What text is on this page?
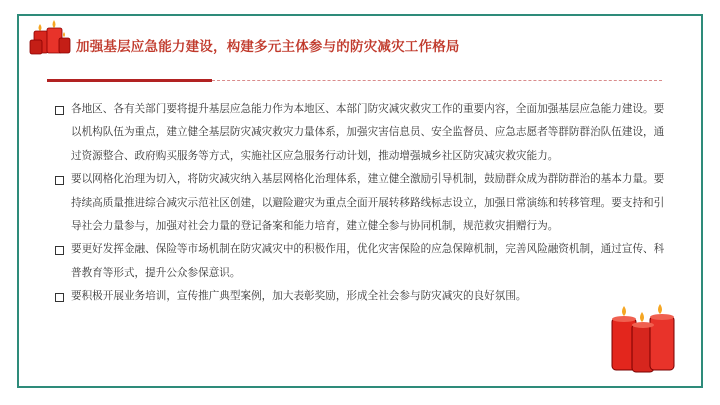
加强基层应急能力建设，构建多元主体参与的防灾减灾工作格局

各地区、各有关部门要将提升基层应急能力作为本地区、本部门防灾减灾救灾工作的重要内容，全面加强基层应急能力建设。要以机构队伍为重点，建立健全基层防灾减灾救灾力量体系，加强灾害信息员、安全监督员、应急志愿者等群防群治队伍建设，通过资源整合、政府购买服务等方式，实施社区应急服务行动计划，推动增强城乡社区防灾减灾救灾能力。

要以网格化治理为切入，将防灾减灾纳入基层网格化治理体系，建立健全激励引导机制，鼓励群众成为群防群治的基本力量。要持续高质量推进综合减灾示范社区创建，以避险避灾为重点全面开展转移路线标志设立，加强日常演练和转移管理。要支持和引导社会力量参与，加强对社会力量的登记备案和能力培育，建立健全参与协同机制，规范救灾捐赠行为。

要更好发挥金融、保险等市场机制在防灾减灾中的积极作用，优化灾害保险的应急保障机制，完善风险融资机制，通过宣传、科普教育等形式，提升公众参保意识。

要积极开展业务培训，宣传推广典型案例，加大表彰奖励，形成全社会参与防灾减灾的良好氛围。
